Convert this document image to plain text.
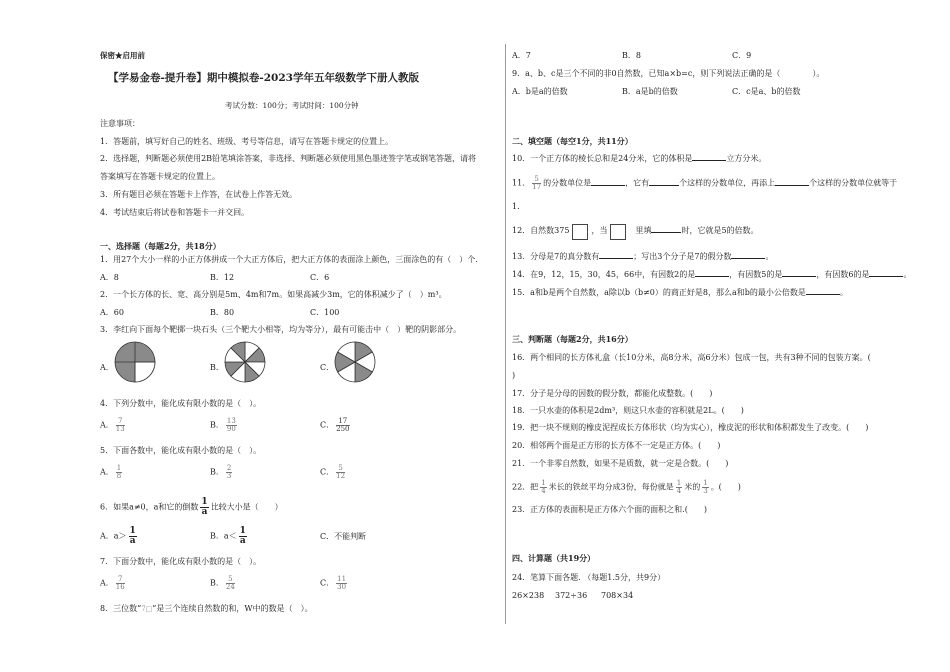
保密★启用前
【学易金卷-提升卷】期中模拟卷-2023学年五年级数学下册人教版
考试分数：100分；考试时间：100分钟
注意事项：
1．答题前，填写好自己的姓名、班级、考号等信息，请写在答题卡规定的位置上。
2．选择题，判断题必须使用2B铅笔填涂答案，非选择、判断题必须使用黑色墨迹签字笔或钢笔答题，请将
答案填写在答题卡规定的位置上。
3．所有题目必须在答题卡上作答，在试卷上作答无效。
4．考试结束后将试卷和答题卡一并交回。
一、选择题（每题2分，共18分）
1．用27个大小一样的小正方体拼成一个大正方体后，把大正方体的表面涂上颜色，三面涂色的有（　）个.
A．8	B．12	C．6
2．一个长方体的长、宽、高分别是5m、4m和7m。如果高减少3m，它的体积减少了（　）m³。
A．60	B．80	C．100
3．李红向下面每个靶掷一块石头（三个靶大小相等，均为等分），最有可能击中（　）靶的阴影部分。
A．	B．	C．
4．下列分数中，能化成有限小数的是（　）。
A． $\frac{7}{13}$	B． $\frac{13}{90}$	C． $\frac{17}{250}$
5．下面各数中，能化成有限小数的是（　）。
A． $\frac{1}{8}$	B． $\frac{2}{3}$	C． $\frac{5}{12}$
6．如果a≠0，a和它的倒数 $\frac{1}{a}$ 比较大小是（　　）
A．$a> \frac{1}{a}$	B．$a< \frac{1}{a}$	C．不能判断
7．下面分数中，能化成有限小数的是（　）。
A． $\frac{7}{16}$	B． $\frac{5}{24}$	C． $\frac{11}{30}$
8．三位数“7□”是三个连续自然数的和，W中的数是（　）。
A．7	B．8	C．9
9．a、b、c是三个不同的非0自然数，已知a×b=c，则下列说法正确的是（　　　　）。
A．b是a的倍数	B．a是b的倍数	C．c是a、b的倍数
二、填空题（每空1分，共11分）
10．一个正方体的棱长总和是24分米，它的体积是	立方分米。
11． $\frac{5}{17}$ 的分数单位是	，它有	个这样的分数单位，再添上	个这样的分数单位就等于
1.
12．自然数375	，当	里填	时，它就是5的倍数。
13．分母是7的真分数有	；写出3个分子是7的假分数	。
14．在9，12，15，30，45，66中，有因数2的是	，有因数5的是	，有因数6的是	。
15．a和b是两个自然数，a除以b（b≠0）的商正好是8，那么a和b的最小公倍数是	。
三、判断题（每题2分，共16分）
16．两个相同的长方体礼盒（长10分米，高8分米，高6分米）包成一包，共有3种不同的包装方案。(
)
17．分子是分母的因数的假分数，都能化成整数。(　　)
18．一只水壶的体积是2dm³，则这只水壶的容积就是2L。(　　)
19．把一块不规则的橡皮泥捏成长方体形状（均为实心），橡皮泥的形状和体积都发生了改变。(　　)
20．相邻两个面是正方形的长方体不一定是正方体。(　　)
21．一个非零自然数，如果不是质数，就一定是合数。(　　)
22．把 $\frac{1}{4}$ 米长的铁丝平均分成3份，每份就是 $\frac{1}{4}$ 米的 $\frac{1}{3}$ 。(　　)
23．正方体的表面积是正方体六个面的面积之和.(　　)
四、计算题（共19分）
24．笔算下面各题. （每题1.5分，共9分）
26×238 372÷36 708×34
